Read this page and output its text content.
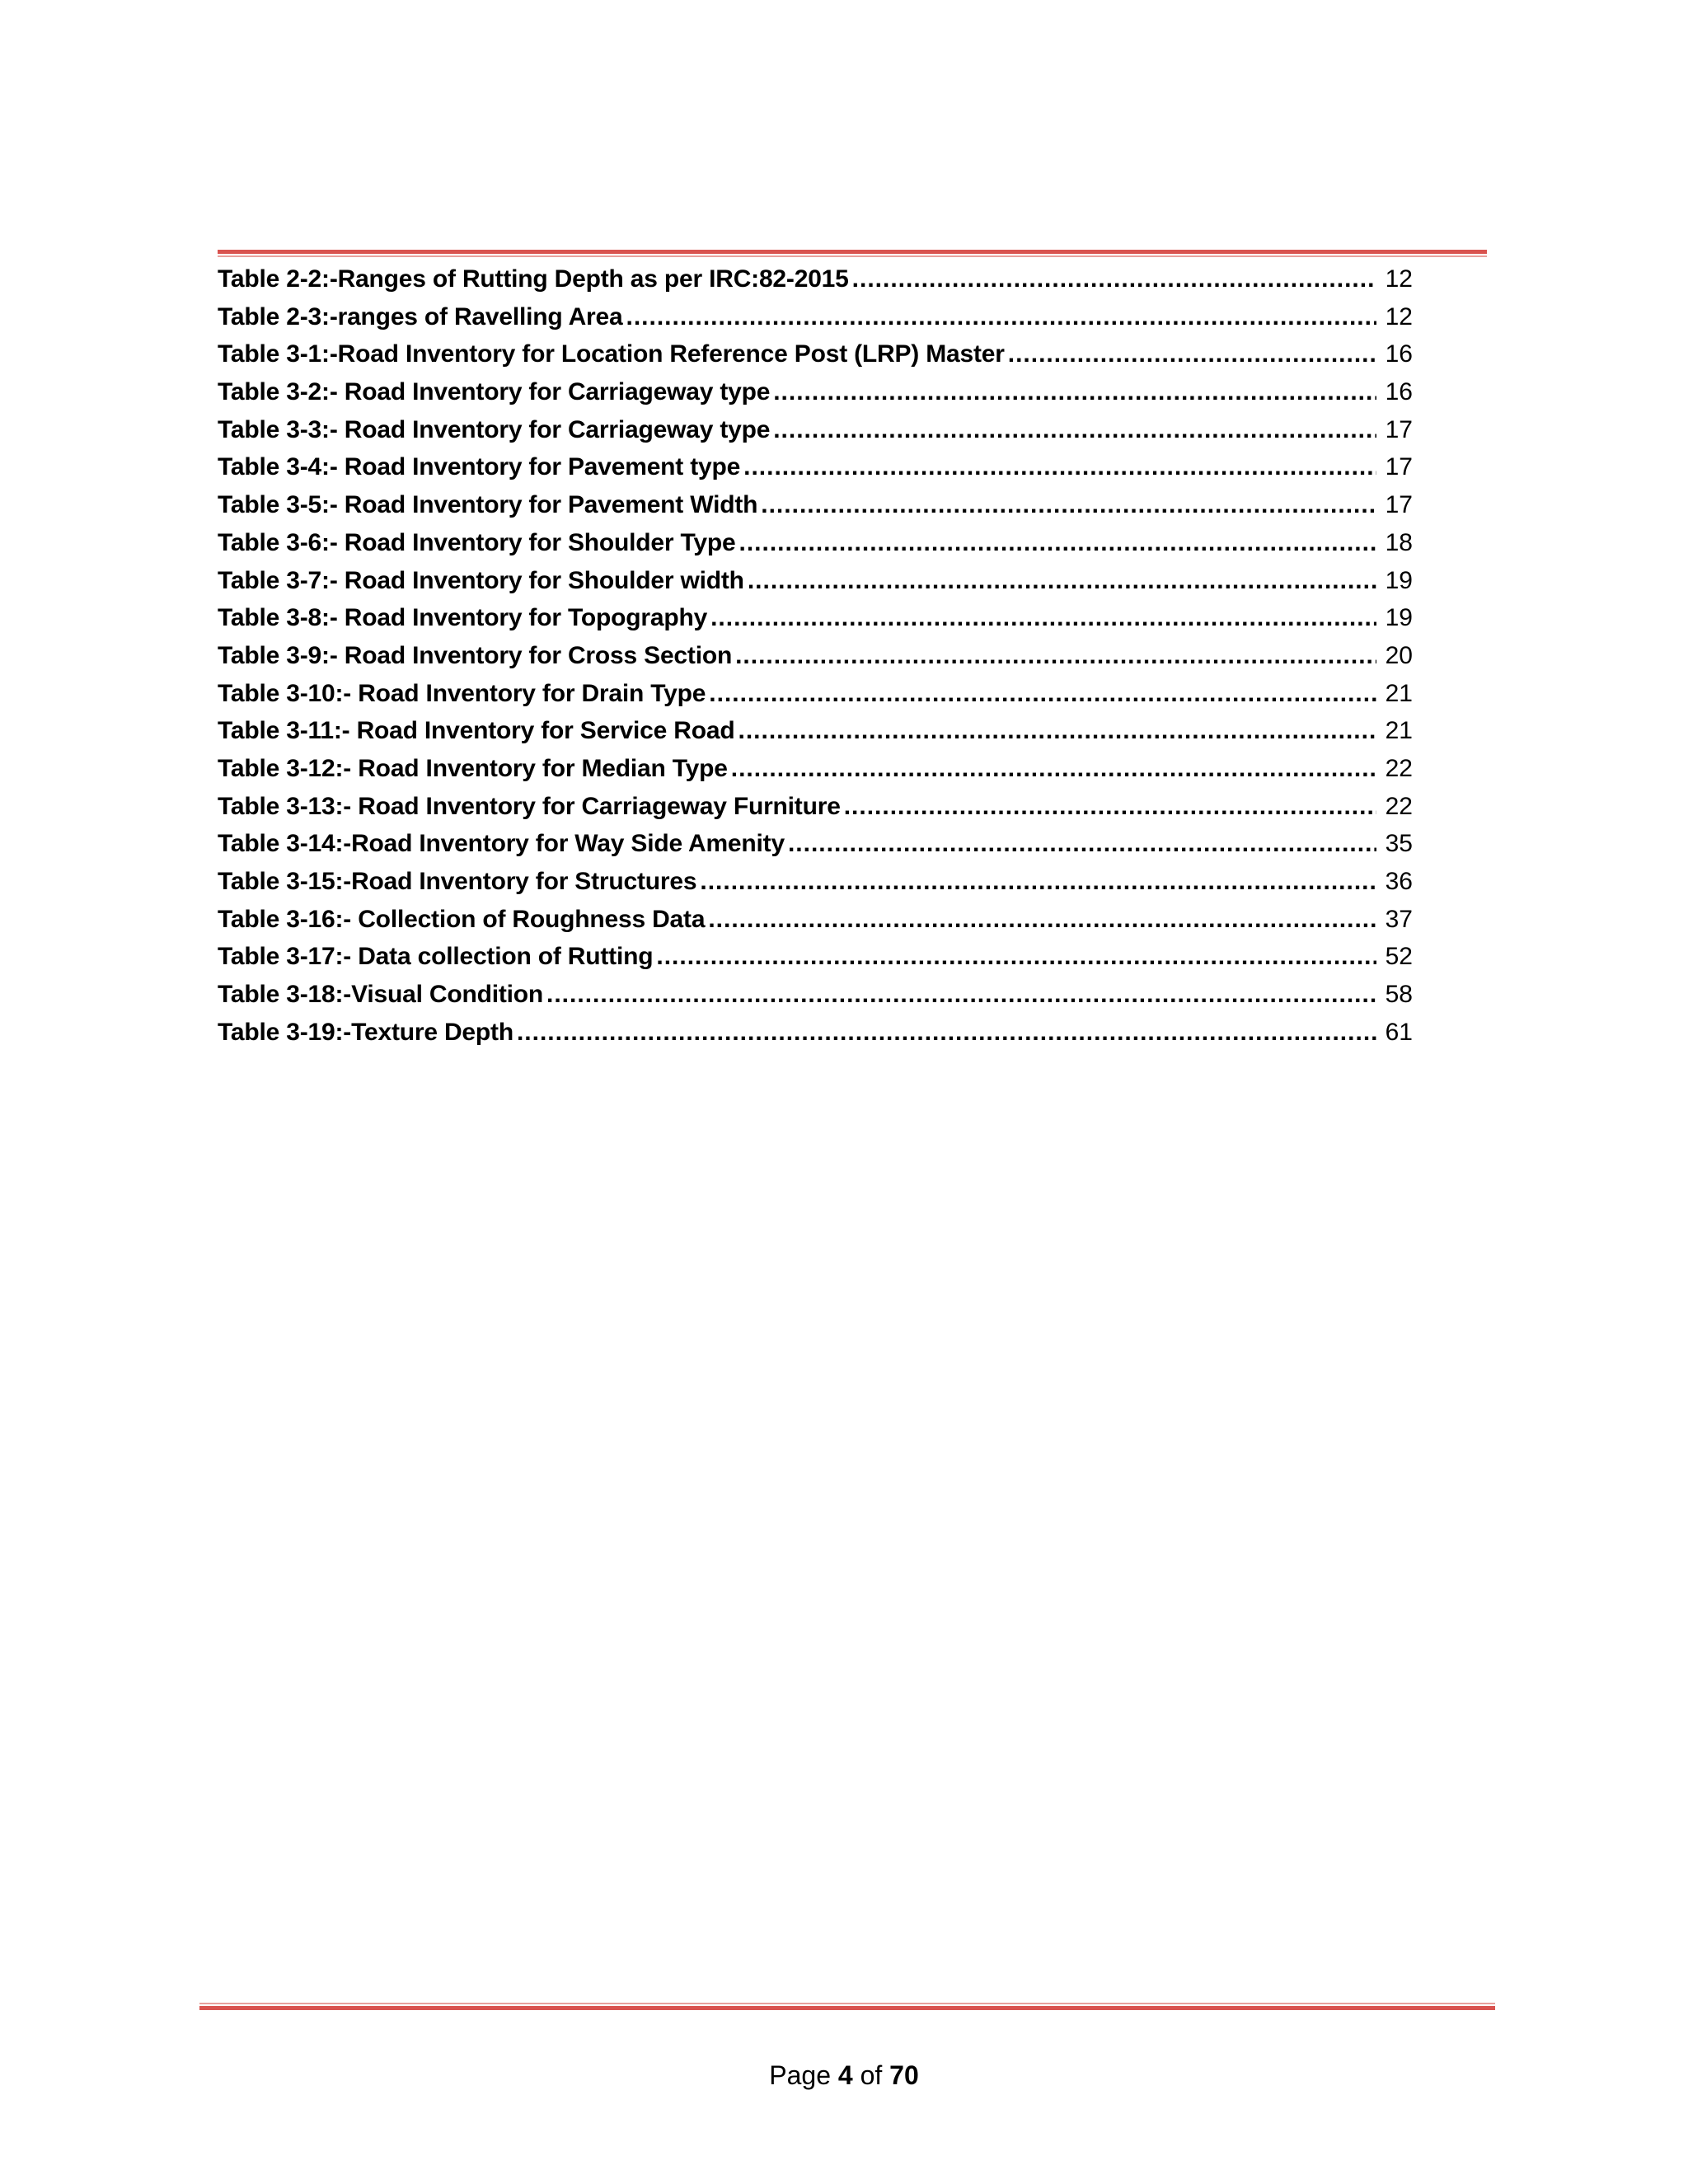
Table 2-2:-Ranges of Rutting Depth as per IRC:82-2015 .....	12
Table 2-3:-ranges of Ravelling Area .....	12
Table 3-1:-Road Inventory for Location Reference Post (LRP) Master .....	16
Table 3-2:- Road Inventory for Carriageway type .....	16
Table 3-3:- Road Inventory for Carriageway type .....	17
Table 3-4:- Road Inventory for Pavement type .....	17
Table 3-5:- Road Inventory for Pavement Width .....	17
Table 3-6:- Road Inventory for Shoulder Type .....	18
Table 3-7:- Road Inventory for Shoulder width .....	19
Table 3-8:- Road Inventory for Topography .....	19
Table 3-9:- Road Inventory for Cross Section .....	20
Table 3-10:- Road Inventory for Drain Type .....	21
Table 3-11:- Road Inventory for Service Road .....	21
Table 3-12:- Road Inventory for Median Type .....	22
Table 3-13:- Road Inventory for Carriageway Furniture .....	22
Table 3-14:-Road Inventory for Way Side Amenity .....	35
Table 3-15:-Road Inventory for Structures .....	36
Table 3-16:- Collection of Roughness Data .....	37
Table 3-17:- Data collection of Rutting .....	52
Table 3-18:-Visual Condition .....	58
Table 3-19:-Texture Depth .....	61
Page 4 of 70
